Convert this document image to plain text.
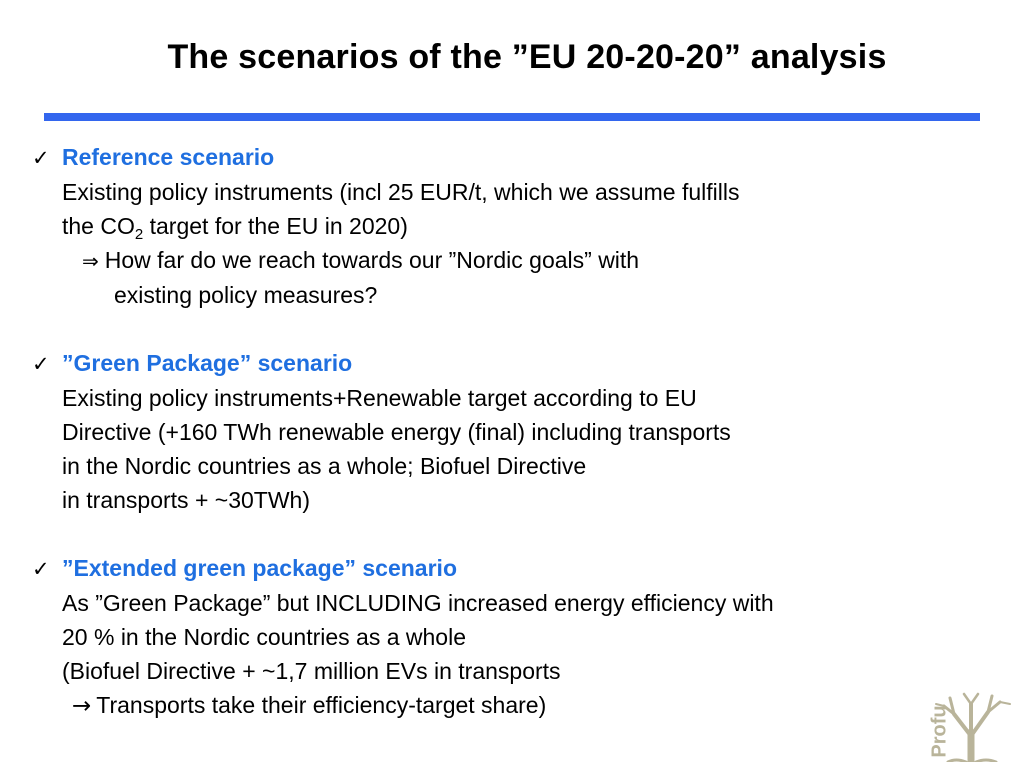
The scenarios of the ”EU 20-20-20” analysis
✓ Reference scenario
Existing policy instruments (incl 25 EUR/t, which we assume fulfills
the $CO_2$ target for the EU in 2020)
⇒ How far do we reach towards our ”Nordic goals” with
existing policy measures?
✓ ”Green Package” scenario
Existing policy instruments+Renewable target according to EU
Directive (+160 TWh renewable energy (final) including transports
in the Nordic countries as a whole; Biofuel Directive
in transports + ~30TWh)
✓ ”Extended green package” scenario
As ”Green Package” but INCLUDING increased energy efficiency with
20 % in the Nordic countries as a whole
(Biofuel Directive + ~1,7 million EVs in transports
→ Transports take their efficiency-target share)
Profu
